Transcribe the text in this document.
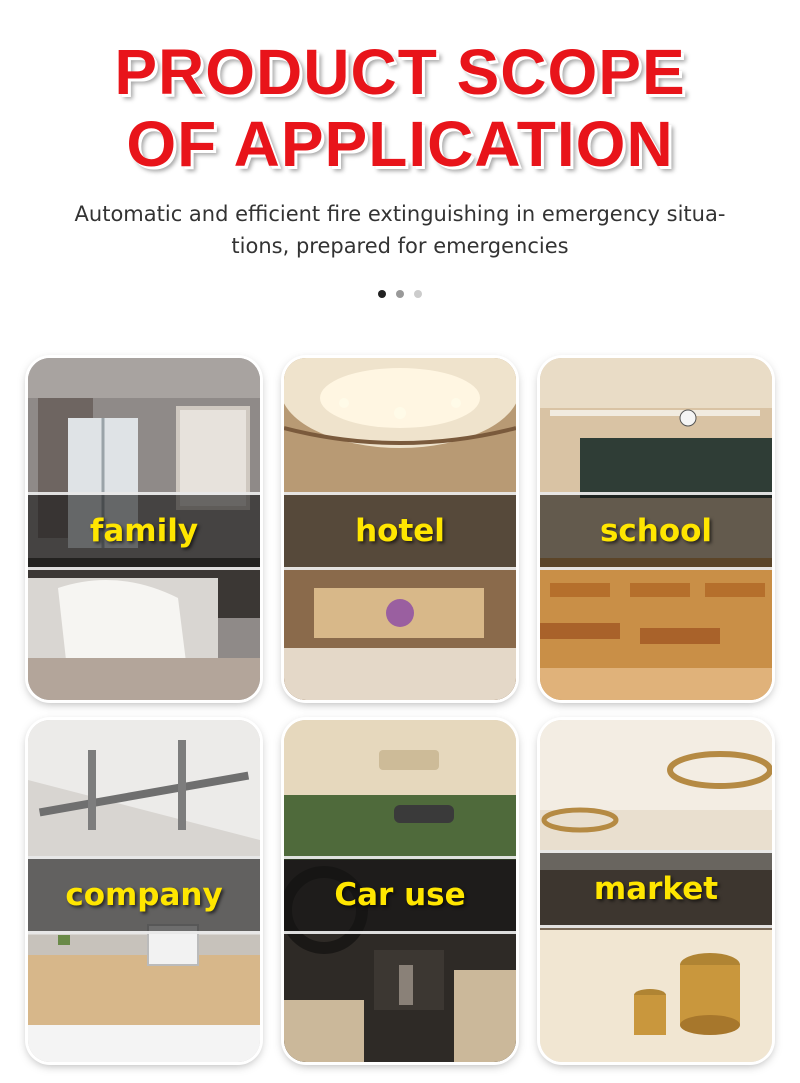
PRODUCT SCOPE
OF APPLICATION
Automatic and efficient fire extinguishing in emergency situa-
tions, prepared for emergencies
family	hotel	school
company	Car use	market
